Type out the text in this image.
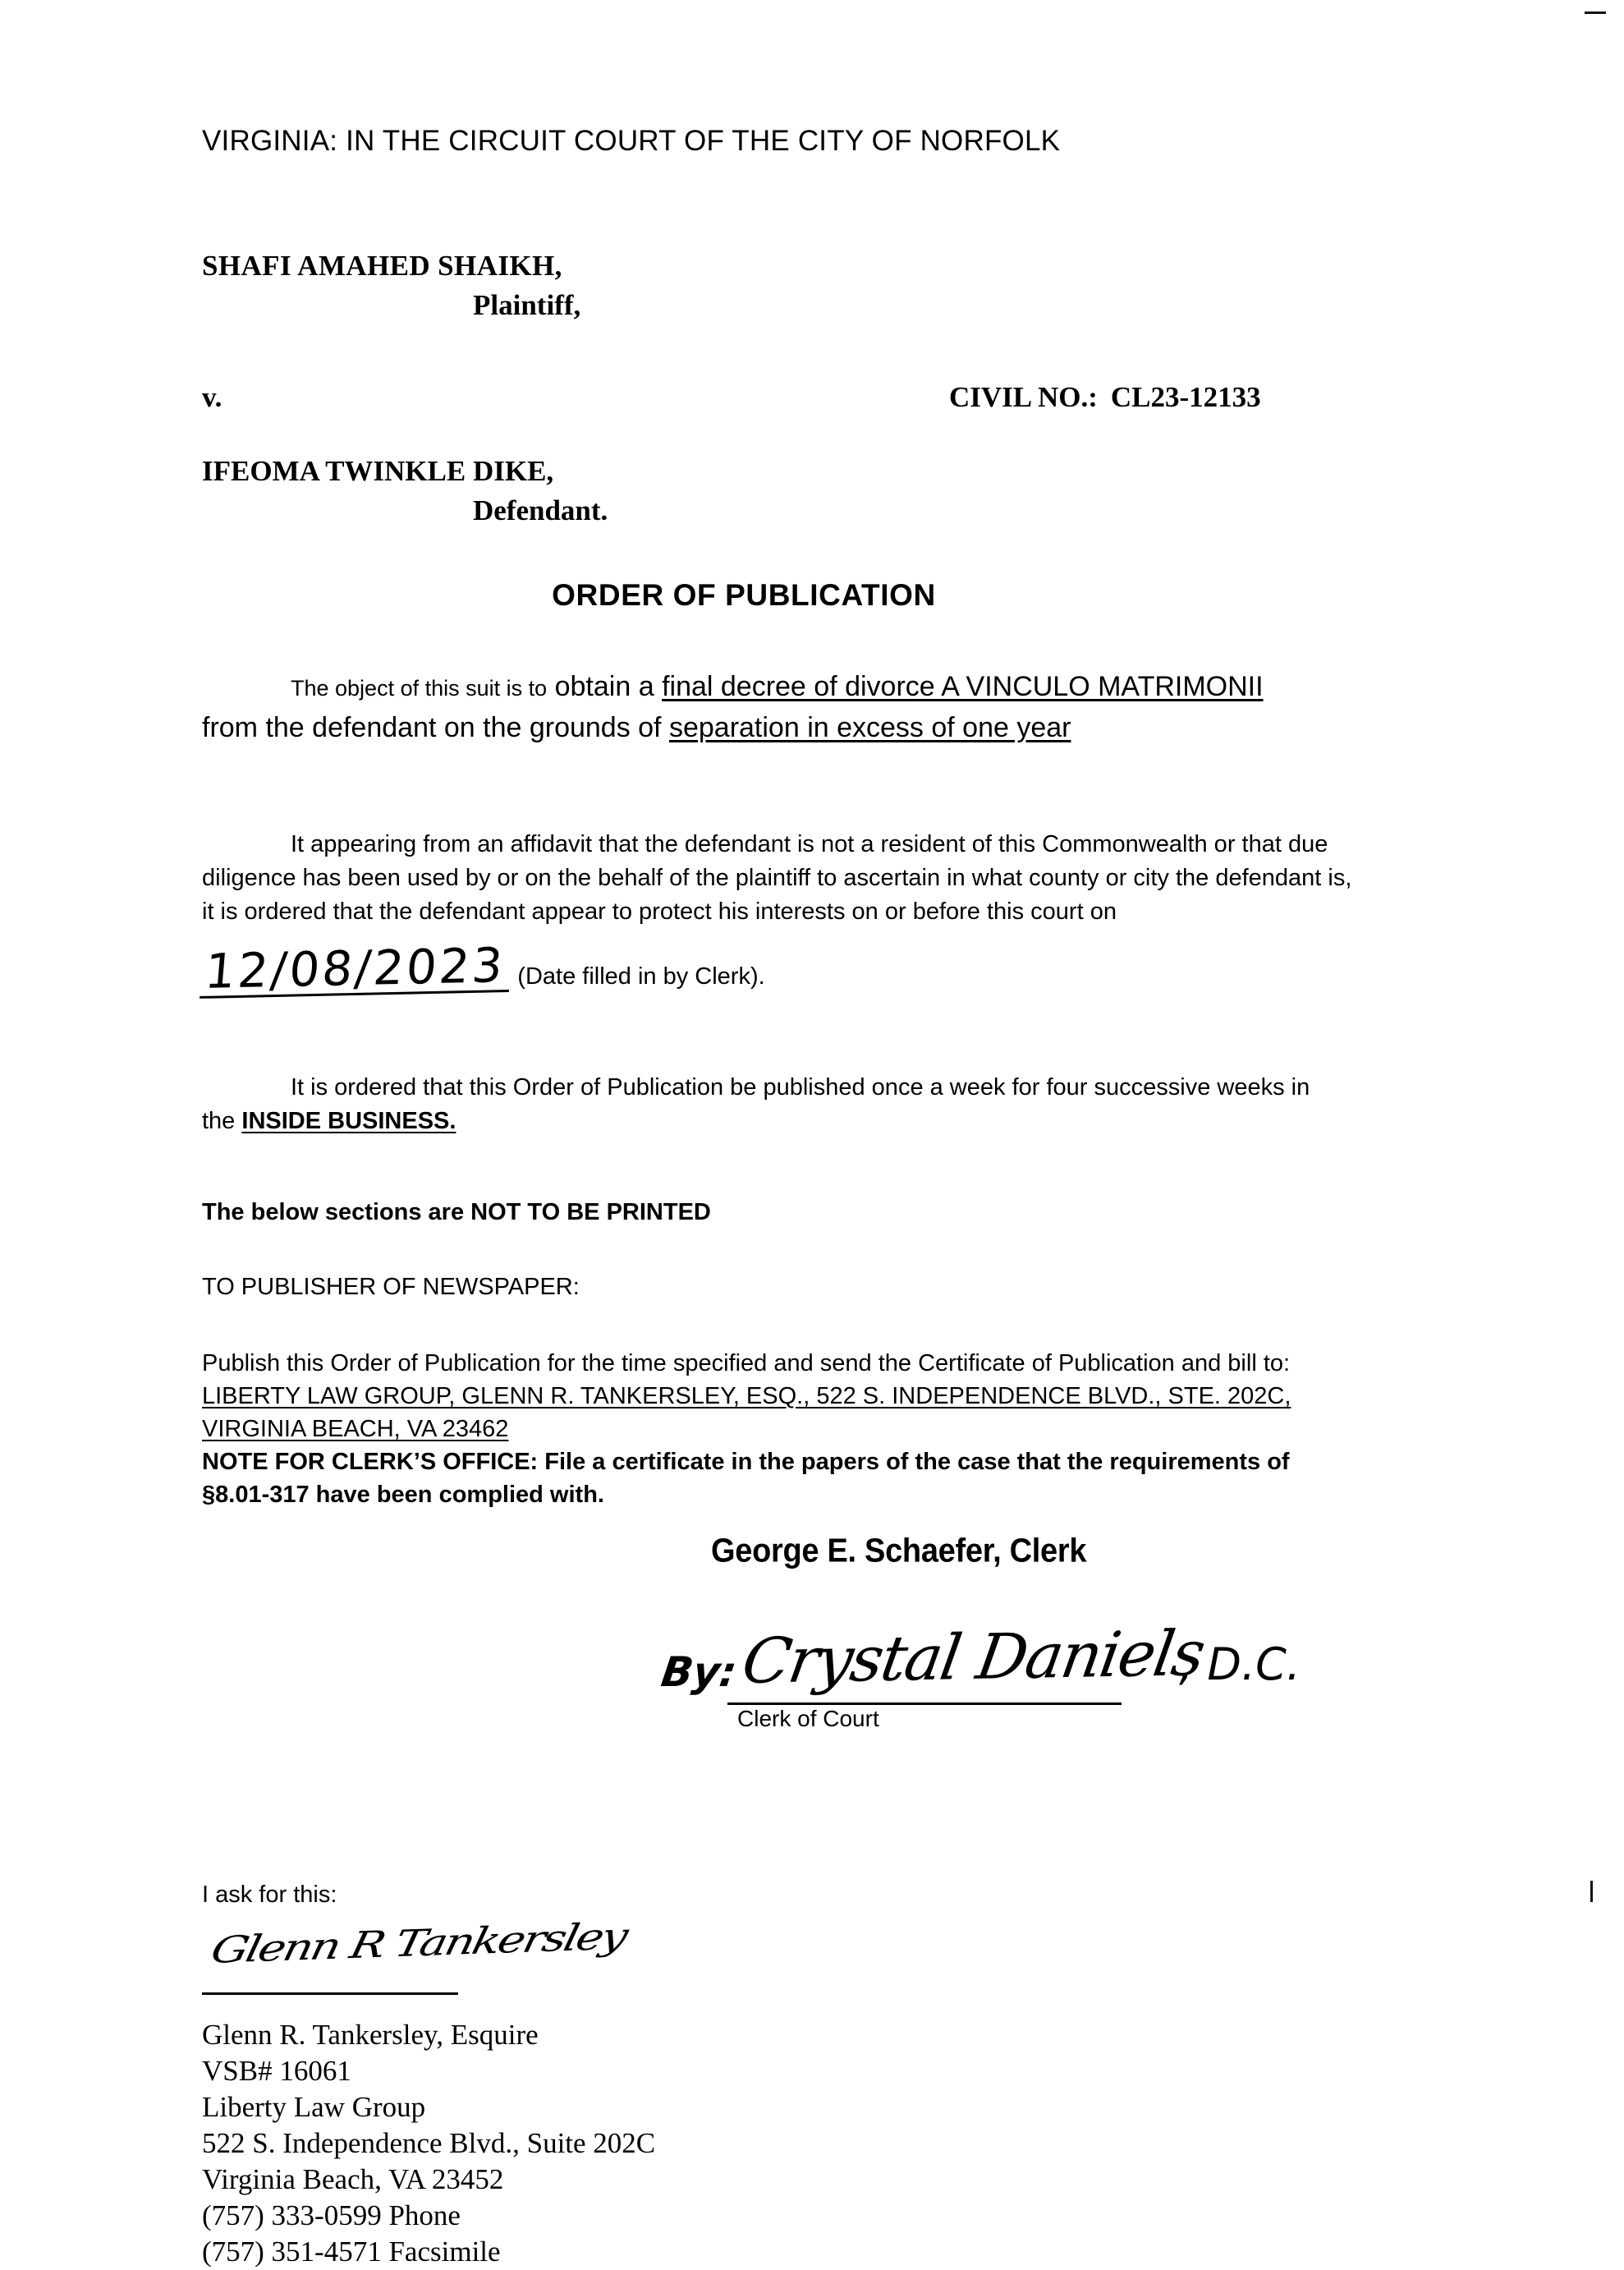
VIRGINIA: IN THE CIRCUIT COURT OF THE CITY OF NORFOLK
SHAFI AMAHED SHAIKH,
Plaintiff,
v.	CIVIL NO.: CL23-12133
IFEOMA TWINKLE DIKE,
Defendant.
ORDER OF PUBLICATION
The object of this suit is to obtain a final decree of divorce A VINCULO MATRIMONII
from the defendant on the grounds of separation in excess of one year
It appearing from an affidavit that the defendant is not a resident of this Commonwealth or that due diligence has been used by or on the behalf of the plaintiff to ascertain in what county or city the defendant is, it is ordered that the defendant appear to protect his interests on or before this court on
12/08/2023 (Date filled in by Clerk).
It is ordered that this Order of Publication be published once a week for four successive weeks in
the INSIDE BUSINESS.
The below sections are NOT TO BE PRINTED
TO PUBLISHER OF NEWSPAPER:
Publish this Order of Publication for the time specified and send the Certificate of Publication and bill to:
LIBERTY LAW GROUP, GLENN R. TANKERSLEY, ESQ., 522 S. INDEPENDENCE BLVD., STE. 202C,
VIRGINIA BEACH, VA 23462
NOTE FOR CLERK’S OFFICE: File a certificate in the papers of the case that the requirements of
§8.01-317 have been complied with.
George E. Schaefer, Clerk
By:
Crystal Daniels
, D.C.
Clerk of Court
I ask for this:
Glenn R Tankersley
Glenn R. Tankersley, Esquire
VSB# 16061
Liberty Law Group
522 S. Independence Blvd., Suite 202C
Virginia Beach, VA 23452
(757) 333-0599 Phone
(757) 351-4571 Facsimile
